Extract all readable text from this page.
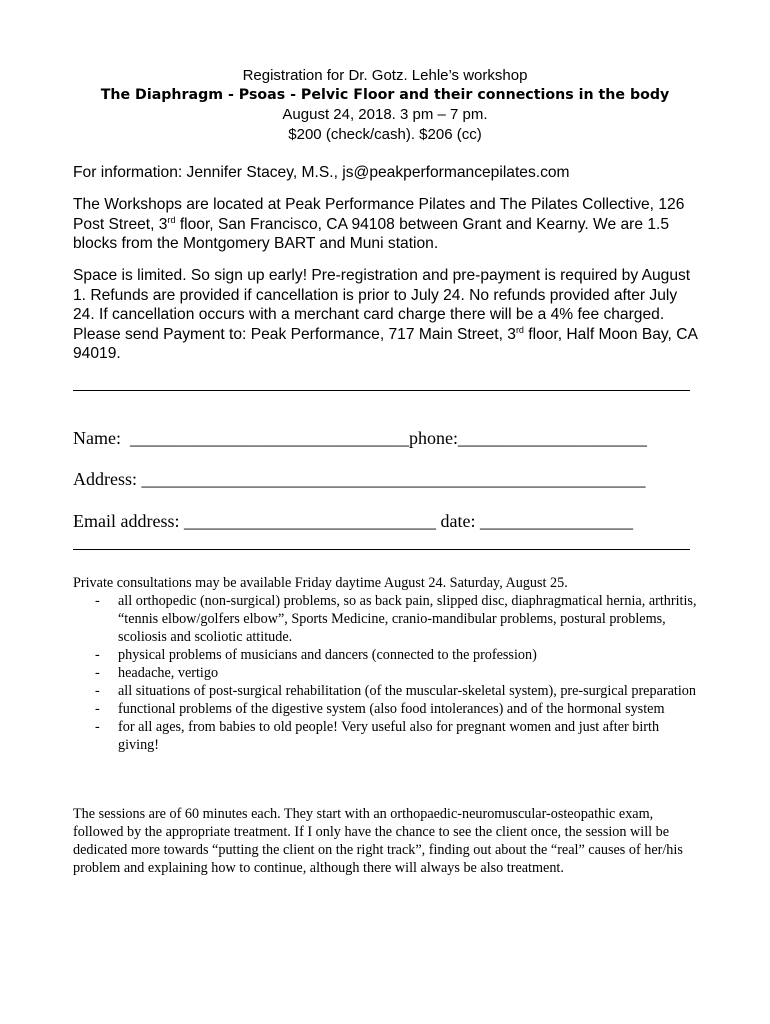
Registration for Dr. Gotz. Lehle’s workshop
The Diaphragm - Psoas - Pelvic Floor and their connections in the body
August 24, 2018. 3 pm – 7 pm.
$200 (check/cash). $206 (cc)
For information: Jennifer Stacey, M.S., js@peakperformancepilates.com
The Workshops are located at Peak Performance Pilates and The Pilates Collective, 126 Post Street, 3rd floor, San Francisco, CA 94108 between Grant and Kearny. We are 1.5 blocks from the Montgomery BART and Muni station.
Space is limited. So sign up early! Pre-registration and pre-payment is required by August 1. Refunds are provided if cancellation is prior to July 24. No refunds provided after July 24. If cancellation occurs with a merchant card charge there will be a 4% fee charged.
Please send Payment to: Peak Performance, 717 Main Street, 3rd floor, Half Moon Bay, CA 94019.
Name:  _______________________________phone:_____________________
Address: ________________________________________________________
Email address: ____________________________ date: _________________
Private consultations may be available Friday daytime August 24. Saturday, August 25.
- all orthopedic (non-surgical) problems, so as back pain, slipped disc, diaphragmatical hernia, arthritis, “tennis elbow/golfers elbow”, Sports Medicine, cranio-mandibular problems, postural problems, scoliosis and scoliotic attitude.
- physical problems of musicians and dancers (connected to the profession)
- headache, vertigo
- all situations of post-surgical rehabilitation (of the muscular-skeletal system), pre-surgical preparation
- functional problems of the digestive system (also food intolerances) and of the hormonal system
- for all ages, from babies to old people! Very useful also for pregnant women and just after birth giving!
The sessions are of 60 minutes each. They start with an orthopaedic-neuromuscular-osteopathic exam, followed by the appropriate treatment. If I only have the chance to see the client once, the session will be dedicated more towards “putting the client on the right track”, finding out about the “real” causes of her/his problem and explaining how to continue, although there will always be also treatment.
